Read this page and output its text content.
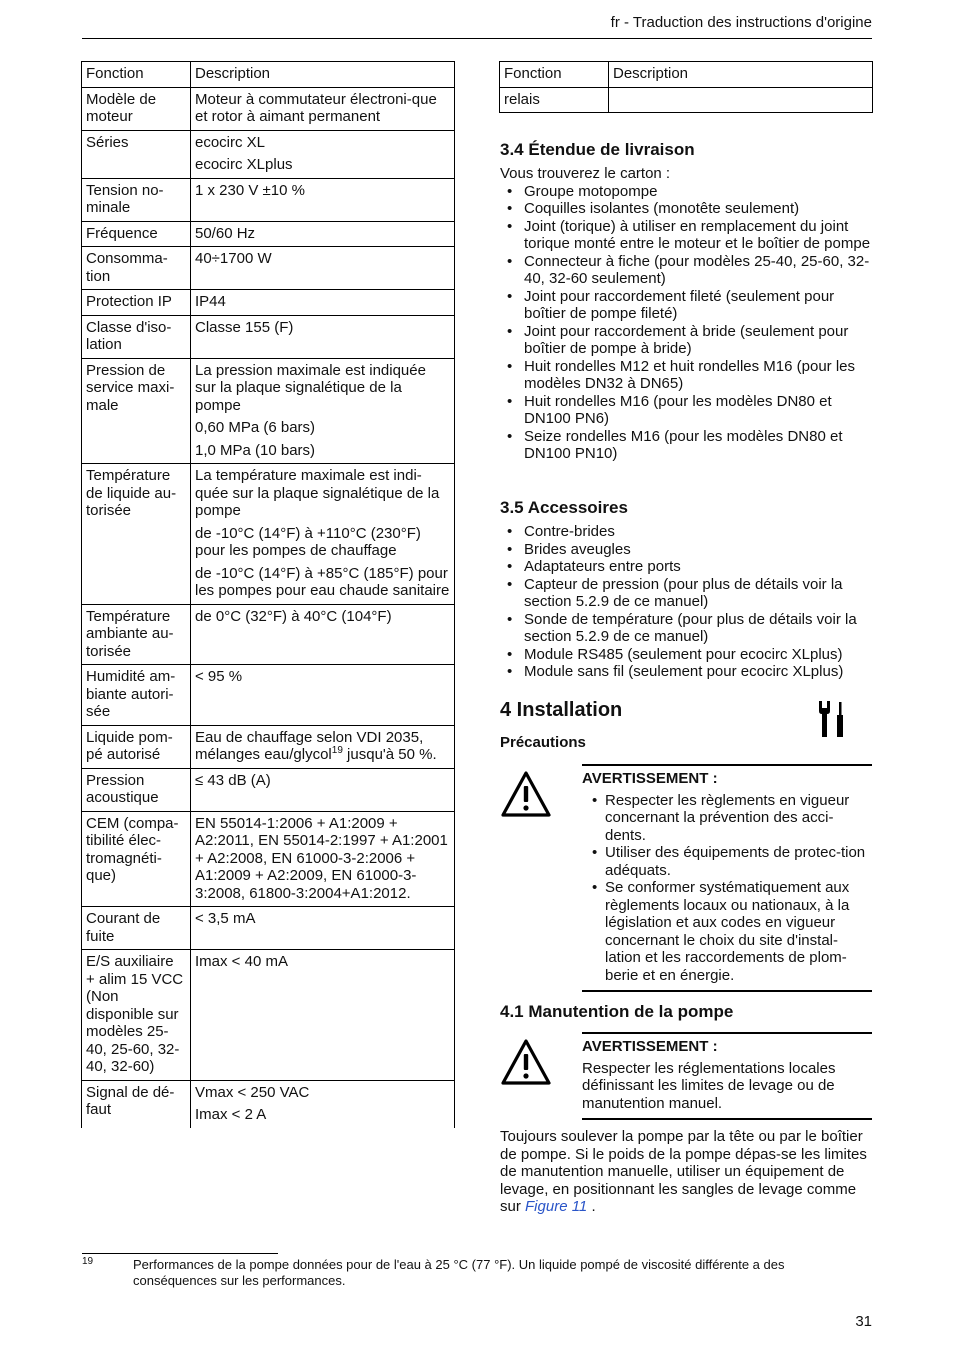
fr - Traduction des instructions d'origine
Fonction	Description
Modèle de moteur	Moteur à commutateur électroni-que et rotor à aimant permanent

Séries	ecocirc XL

ecocirc XLplus

Tension no-minale	1 x 230 V ±10 %

Fréquence	50/60 Hz

Consomma-tion	40÷1700 W

Protection IP	IP44

Classe d'iso-lation	Classe 155 (F)

Pression de service maxi-male	La pression maximale est indiquée sur la plaque signalétique de la pompe

0,60 MPa (6 bars)

1,0 MPa (10 bars)

Température de liquide au-torisée	La température maximale est indi-quée sur la plaque signalétique de la pompe

de -10°C (14°F) à +110°C (230°F) pour les pompes de chauffage

de -10°C (14°F) à +85°C (185°F) pour les pompes pour eau chaude sanitaire

Température ambiante au-torisée	de 0°C (32°F) à 40°C (104°F)

Humidité am-biante autori-sée	< 95 %

Liquide pom-pé autorisé	Eau de chauffage selon VDI 2035, mélanges eau/glycol$^{19}$ jusqu'à 50 %.

Pression acoustique	≤ 43 dB (A)

CEM (compa-tibilité élec-tromagnéti-que)	EN 55014-1:2006 + A1:2009 + A2:2011, EN 55014-2:1997 + A1:2001 + A2:2008, EN 61000-3-2:2006 + A1:2009 + A2:2009, EN 61000-3-3:2008, 61800-3:2004+A1:2012.

Courant de fuite	< 3,5 mA

E/S auxiliaire + alim 15 VCC (Non disponible sur modèles 25-40, 25-60, 32-40, 32-60)	Imax < 40 mA

Signal de dé-faut	Vmax < 250 VAC

Imax < 2 A

Fonction	Description
relais	
3.4 Étendue de livraison
Vous trouverez le carton :
• Groupe motopompe
• Coquilles isolantes (monotête seulement)
• Joint (torique) à utiliser en remplacement du joint torique monté entre le moteur et le boîtier de pompe
• Connecteur à fiche (pour modèles 25-40, 25-60, 32-40, 32-60 seulement)
• Joint pour raccordement fileté (seulement pour boîtier de pompe fileté)
• Joint pour raccordement à bride (seulement pour boîtier de pompe à bride)
• Huit rondelles M12 et huit rondelles M16 (pour les modèles DN32 à DN65)
• Huit rondelles M16 (pour les modèles DN80 et DN100 PN6)
• Seize rondelles M16 (pour les modèles DN80 et DN100 PN10)
3.5 Accessoires
• Contre-brides
• Brides aveugles
• Adaptateurs entre ports
• Capteur de pression (pour plus de détails voir la section 5.2.9 de ce manuel)
• Sonde de température (pour plus de détails voir la section 5.2.9 de ce manuel)
• Module RS485 (seulement pour ecocirc XLplus)
• Module sans fil (seulement pour ecocirc XLplus)
4 Installation
Précautions
AVERTISSEMENT :
• Respecter les règlements en vigueur concernant la prévention des acci-dents.
• Utiliser des équipements de protec-tion adéquats.
• Se conformer systématiquement aux règlements locaux ou nationaux, à la législation et aux codes en vigueur concernant le choix du site d'instal-lation et les raccordements de plom-berie et en énergie.
4.1 Manutention de la pompe
AVERTISSEMENT :
Respecter les réglementations locales définissant les limites de levage ou de manutention manuel.
Toujours soulever la pompe par la tête ou par le boîtier de pompe. Si le poids de la pompe dépas-se les limites de manutention manuelle, utiliser un équipement de levage, en positionnant les sangles de levage comme sur Figure 11 .
19	Performances de la pompe données pour de l'eau à 25 °C (77 °F). Un liquide pompé de viscosité différente a des conséquences sur les performances.
31
